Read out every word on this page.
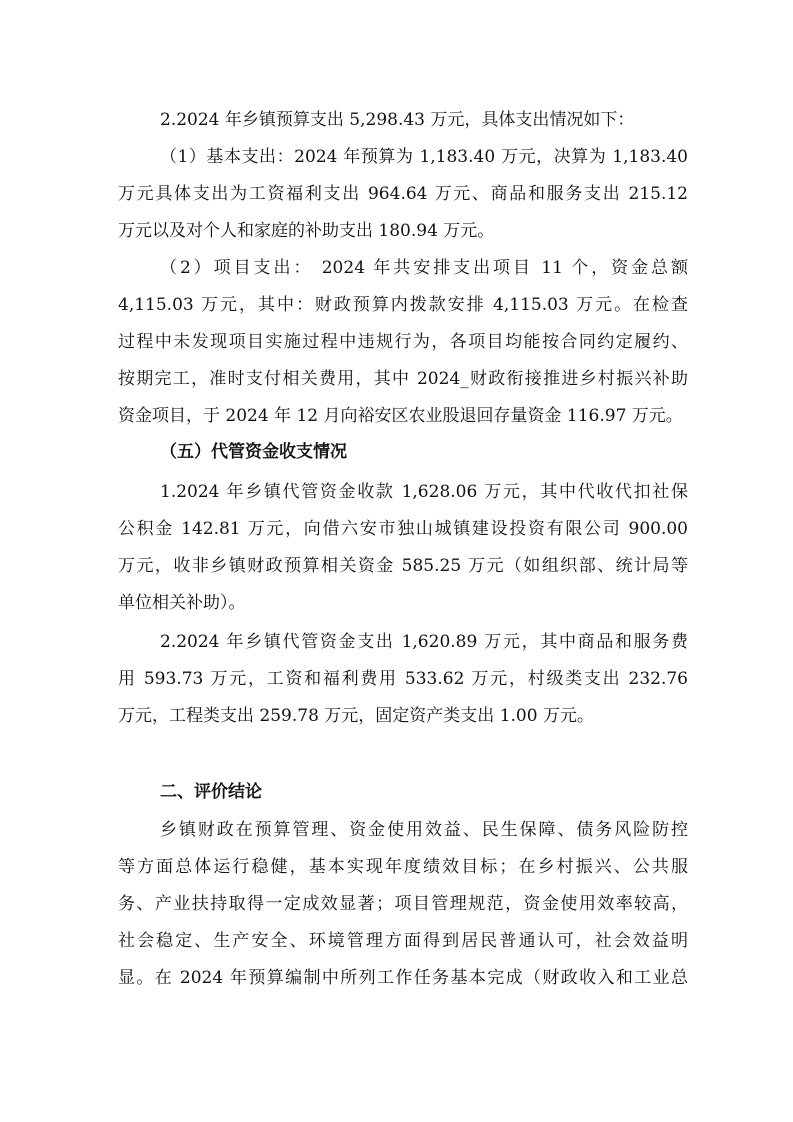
2.2024 年乡镇预算支出 5,298.43 万元，具体支出情况如下：

（1）基本支出：2024 年预算为 1,183.40 万元，决算为 1,183.40
万元具体支出为工资福利支出 964.64 万元、商品和服务支出 215.12
万元以及对个人和家庭的补助支出 180.94 万元。
（2）项目支出： 2024 年共安排支出项目 11 个，资金总额
4,115.03 万元，其中：财政预算内拨款安排 4,115.03 万元。在检查
过程中未发现项目实施过程中违规行为，各项目均能按合同约定履约、
按期完工，准时支付相关费用，其中 2024_财政衔接推进乡村振兴补助
资金项目，于 2024 年 12 月向裕安区农业股退回存量资金 116.97 万元。
（五）代管资金收支情况
1.2024 年乡镇代管资金收款 1,628.06 万元，其中代收代扣社保
公积金 142.81 万元，向借六安市独山城镇建设投资有限公司 900.00
万元，收非乡镇财政预算相关资金 585.25 万元（如组织部、统计局等
单位相关补助）。
2.2024 年乡镇代管资金支出 1,620.89 万元，其中商品和服务费
用 593.73 万元，工资和福利费用 533.62 万元，村级类支出 232.76
万元，工程类支出 259.78 万元，固定资产类支出 1.00 万元。
二、评价结论
乡镇财政在预算管理、资金使用效益、民生保障、债务风险防控
等方面总体运行稳健，基本实现年度绩效目标；在乡村振兴、公共服
务、产业扶持取得一定成效显著；项目管理规范，资金使用效率较高，
社会稳定、生产安全、环境管理方面得到居民普通认可，社会效益明
显。在 2024 年预算编制中所列工作任务基本完成（财政收入和工业总
